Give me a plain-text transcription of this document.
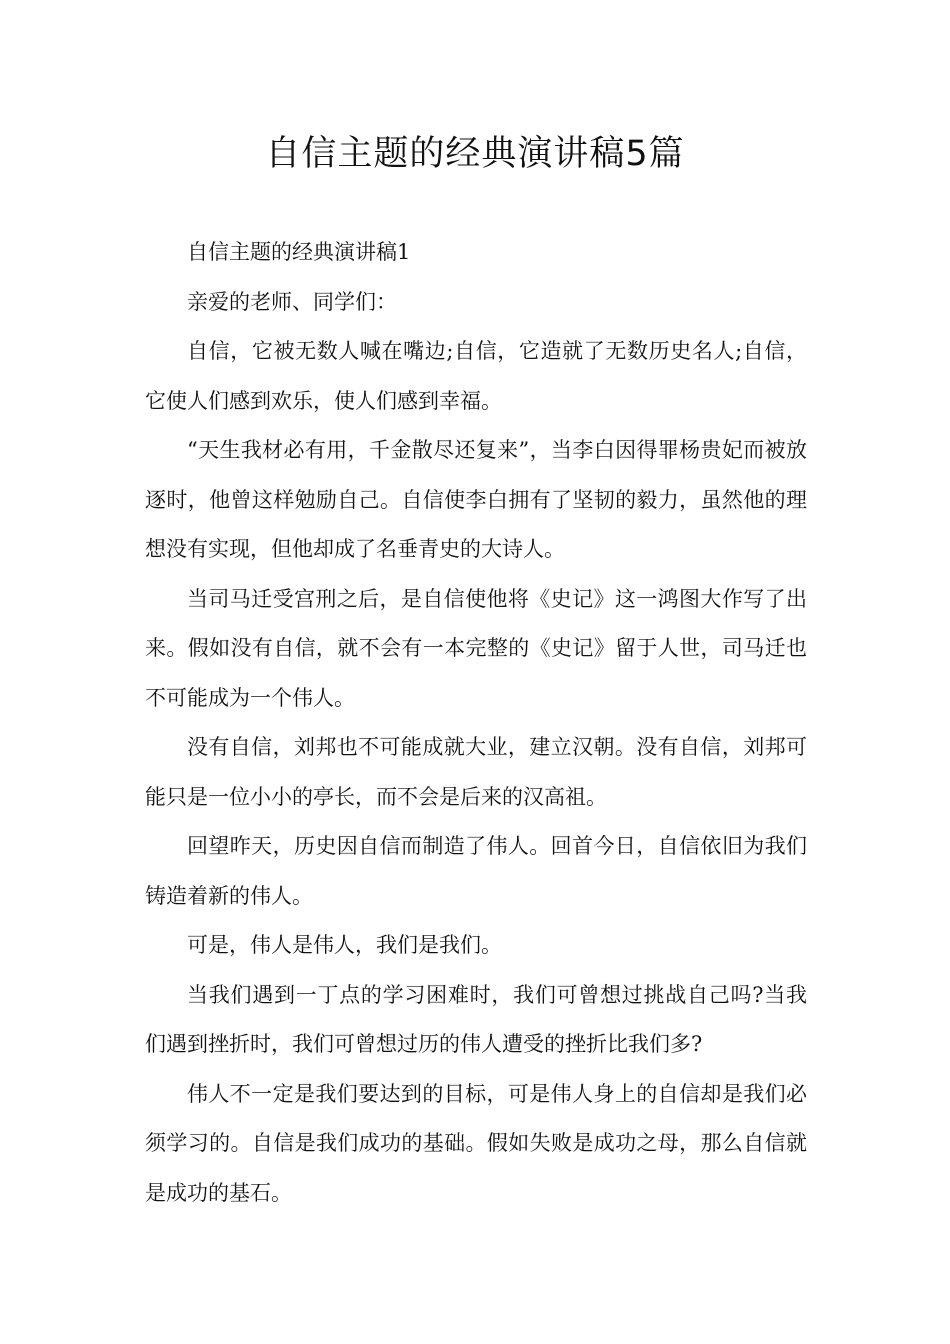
自信主题的经典演讲稿5篇

自信主题的经典演讲稿1

亲爱的老师、同学们：

自信，它被无数人喊在嘴边;自信，它造就了无数历史名人;自信，它使人们感到欢乐，使人们感到幸福。

“天生我材必有用，千金散尽还复来”，当李白因得罪杨贵妃而被放逐时，他曾这样勉励自己。自信使李白拥有了坚韧的毅力，虽然他的理想没有实现，但他却成了名垂青史的大诗人。

当司马迁受宫刑之后，是自信使他将《史记》这一鸿图大作写了出来。假如没有自信，就不会有一本完整的《史记》留于人世，司马迁也不可能成为一个伟人。

没有自信，刘邦也不可能成就大业，建立汉朝。没有自信，刘邦可能只是一位小小的亭长，而不会是后来的汉高祖。

回望昨天，历史因自信而制造了伟人。回首今日，自信依旧为我们铸造着新的伟人。

可是，伟人是伟人，我们是我们。

当我们遇到一丁点的学习困难时，我们可曾想过挑战自己吗?当我们遇到挫折时，我们可曾想过历的伟人遭受的挫折比我们多?

伟人不一定是我们要达到的目标，可是伟人身上的自信却是我们必须学习的。自信是我们成功的基础。假如失败是成功之母，那么自信就是成功的基石。
